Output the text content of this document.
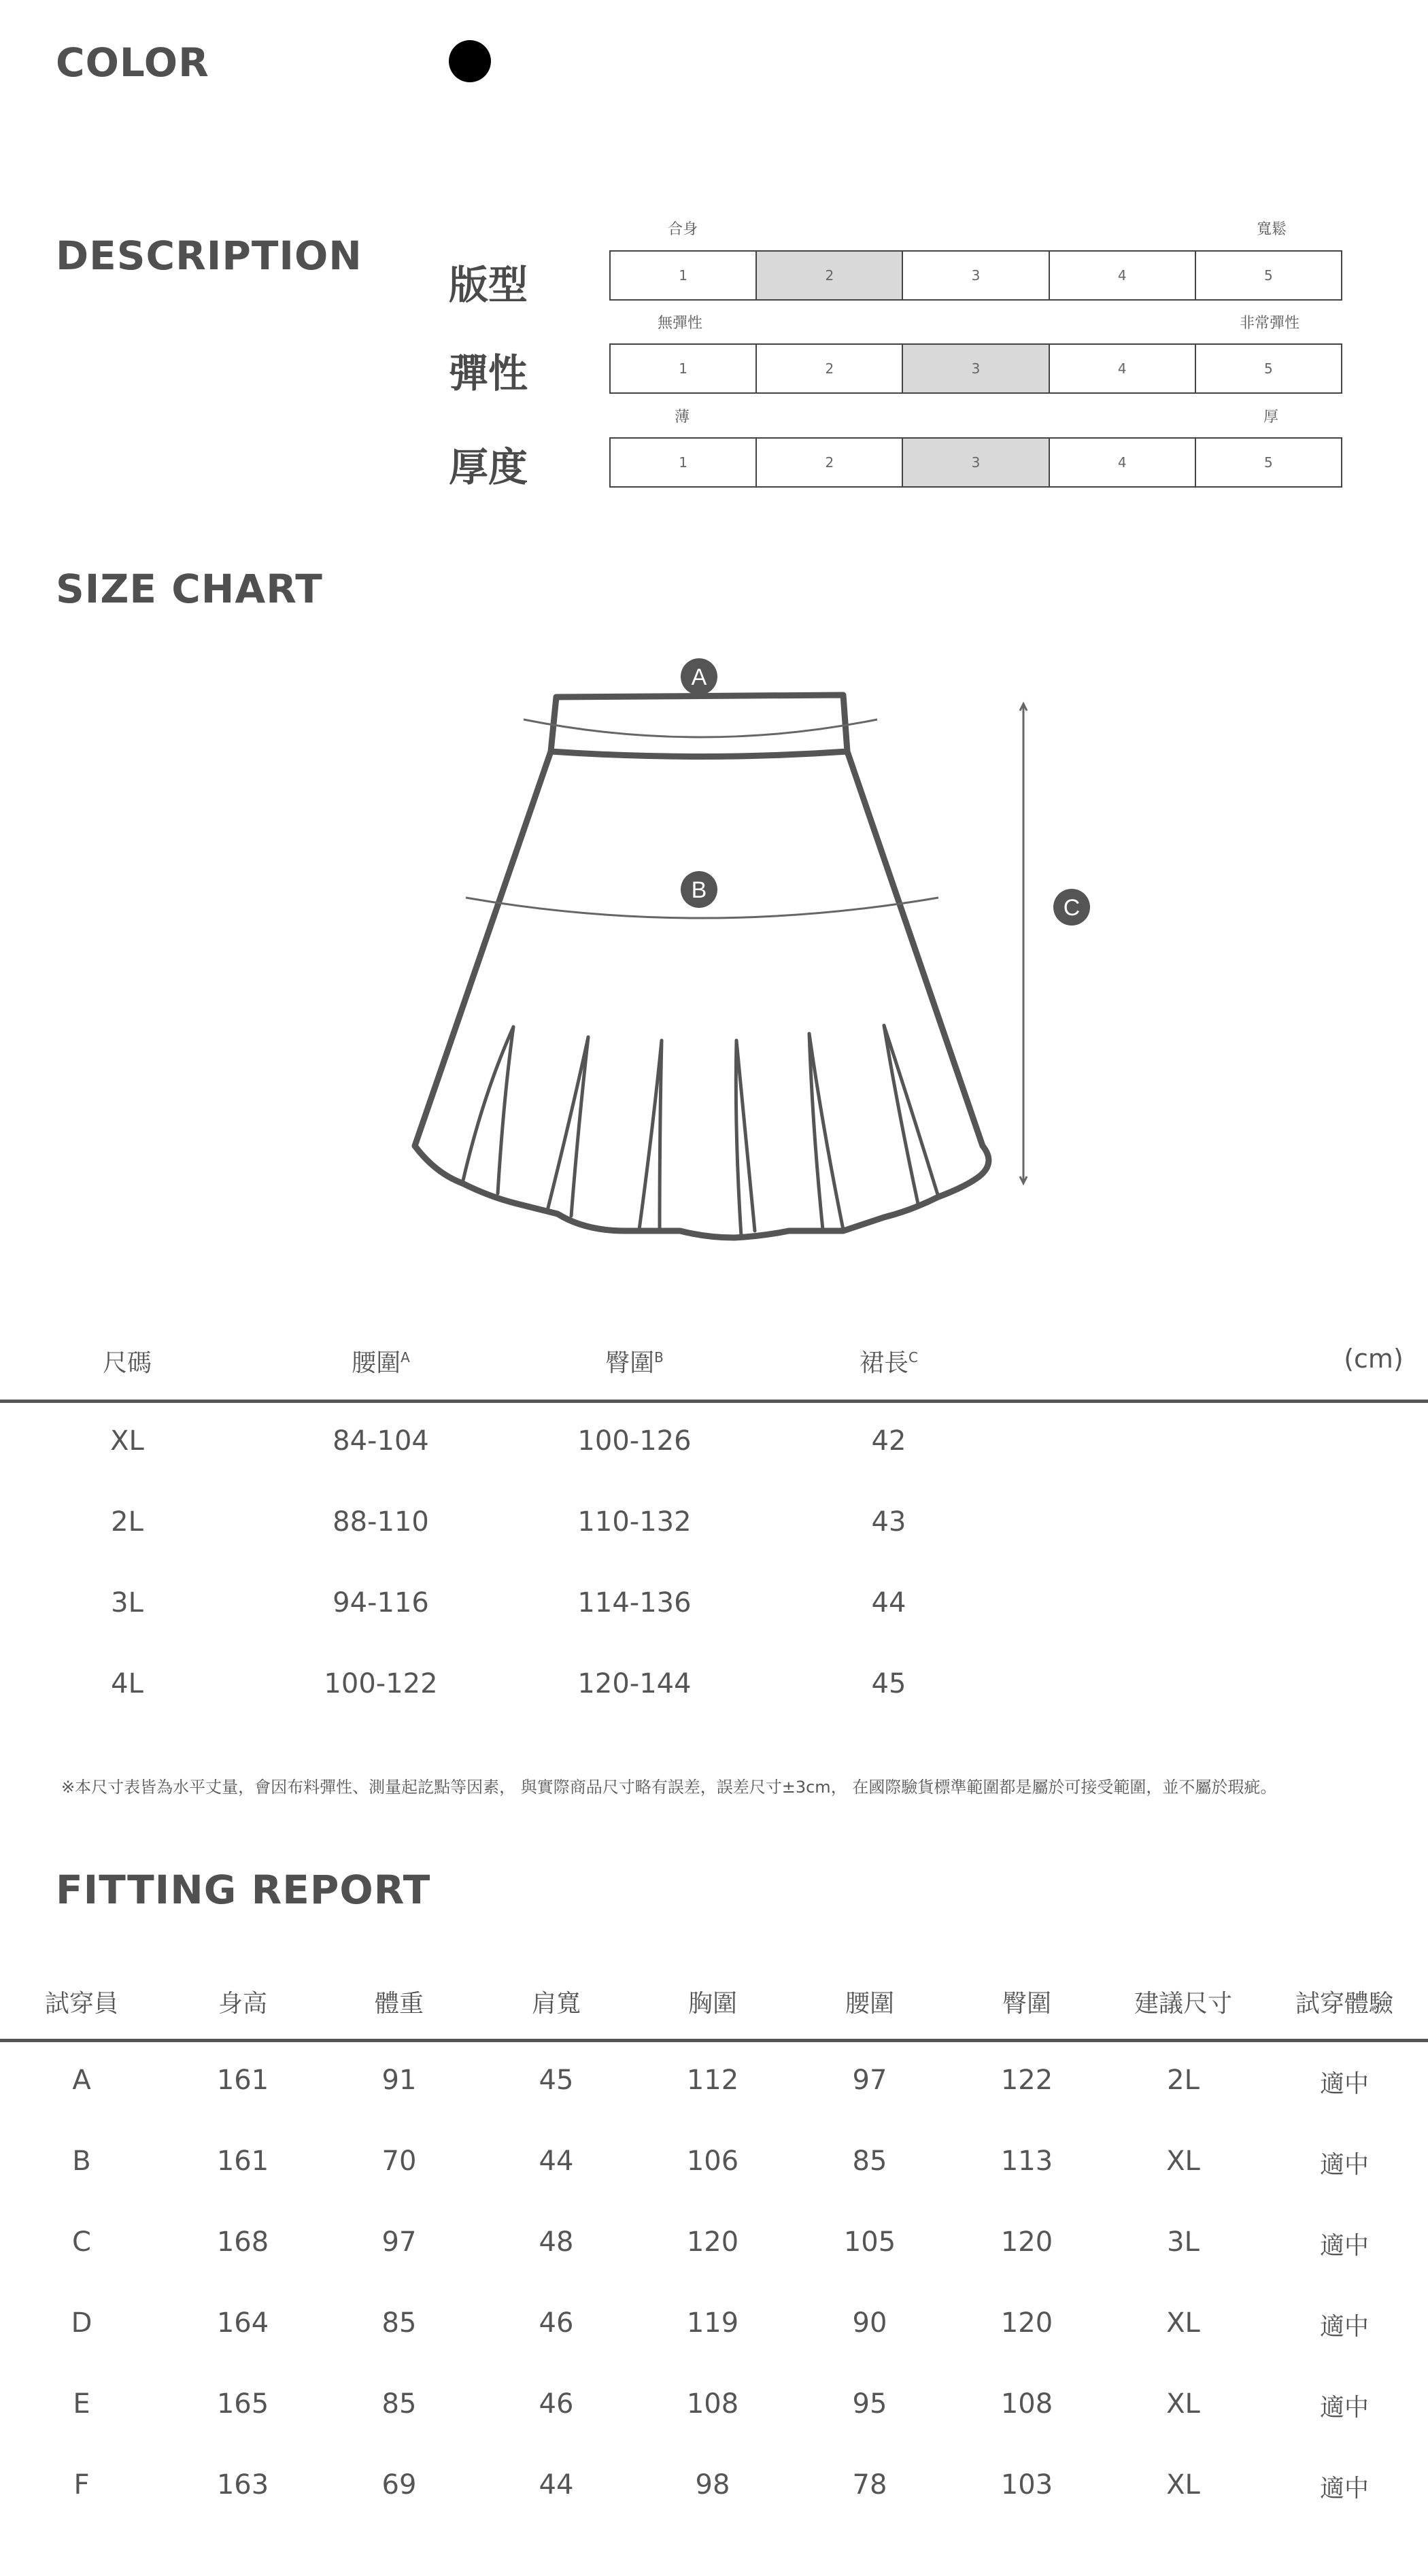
COLOR
DESCRIPTION
合身	寬鬆
版型	1	2	3	4	5
無彈性	非常彈性
彈性	1	2	3	4	5
薄	厚
厚度	1	2	3	4	5
SIZE CHART
A
B
C
尺碼	腰圍$^A$	臀圍$^B$	裙長$^C$	(cm)
XL	84-104	100-126	42
2L	88-110	110-132	43
3L	94-116	114-136	44
4L	100-122	120-144	45
※本尺寸表皆為水平丈量，會因布料彈性、測量起訖點等因素， 與實際商品尺寸略有誤差，誤差尺寸±3cm， 在國際驗貨標準範圍都是屬於可接受範圍，並不屬於瑕疵。
FITTING REPORT
試穿員	身高	體重	肩寬	胸圍	腰圍	臀圍	建議尺寸	試穿體驗
A	161	91	45	112	97	122	2L	適中
B	161	70	44	106	85	113	XL	適中
C	168	97	48	120	105	120	3L	適中
D	164	85	46	119	90	120	XL	適中
E	165	85	46	108	95	108	XL	適中
F	163	69	44	98	78	103	XL	適中
